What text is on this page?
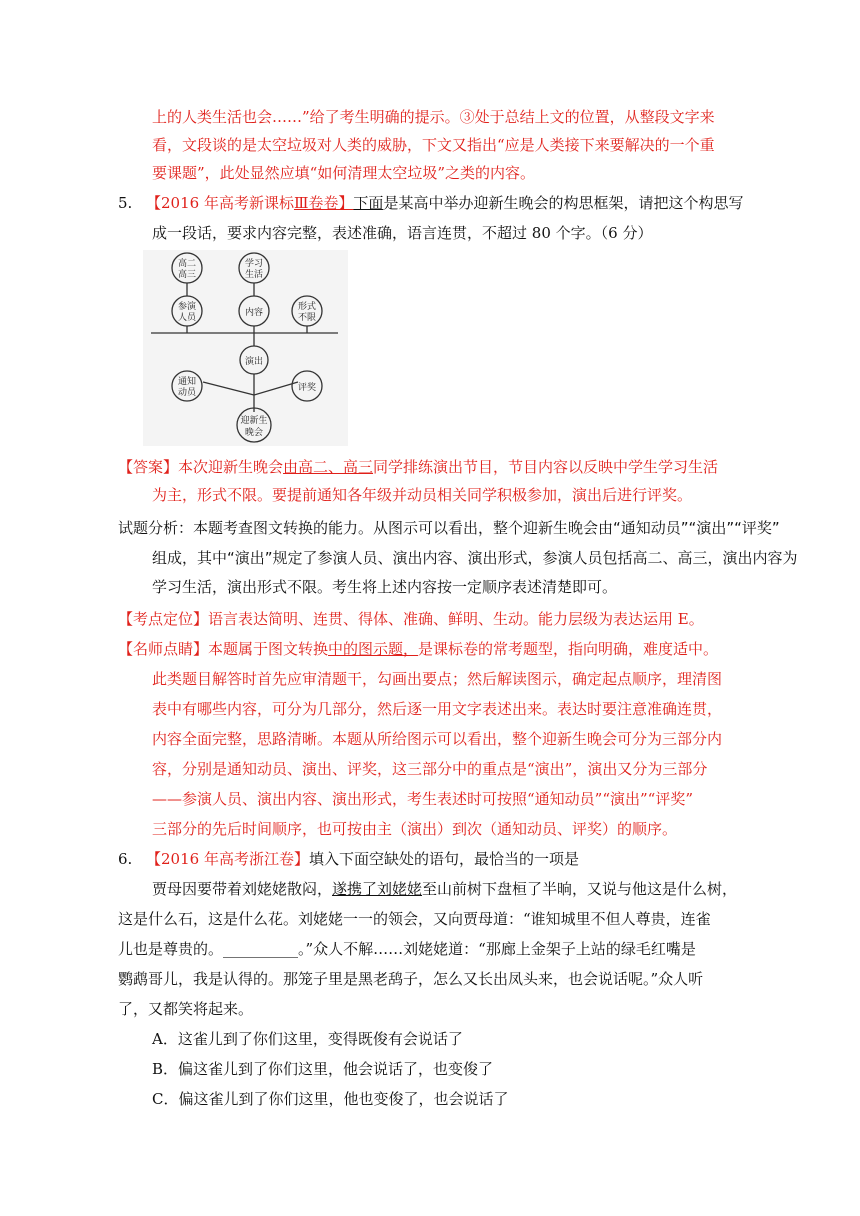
上的人类生活也会……”给了考生明确的提示。③处于总结上文的位置，从整段文字来
看，文段谈的是太空垃圾对人类的威胁，下文又指出“应是人类接下来要解决的一个重
要课题”，此处显然应填“如何清理太空垃圾”之类的内容。
5. 【2016 年高考新课标Ⅲ卷卷】下面是某高中举办迎新生晚会的构思框架，请把这个构思写
成一段话，要求内容完整，表述准确，语言连贯，不超过 80 个字。（6 分）
高二
高三
学习
生活
参演
人员	内容
形式
不限
演出
通知
动员	评奖
迎新生
晚会
【答案】本次迎新生晚会由高二、高三同学排练演出节目，节目内容以反映中学生学习生活
为主，形式不限。要提前通知各年级并动员相关同学积极参加，演出后进行评奖。
试题分析：本题考查图文转换的能力。从图示可以看出，整个迎新生晚会由“通知动员”“演出”“评奖”
组成，其中“演出”规定了参演人员、演出内容、演出形式，参演人员包括高二、高三，演出内容为
学习生活，演出形式不限。考生将上述内容按一定顺序表述清楚即可。
【考点定位】语言表达简明、连贯、得体、准确、鲜明、生动。能力层级为表达运用 E。
【名师点睛】本题属于图文转换中的图示题，是课标卷的常考题型，指向明确，难度适中。
此类题目解答时首先应审清题干，勾画出要点；然后解读图示，确定起点顺序，理清图
表中有哪些内容，可分为几部分，然后逐一用文字表述出来。表达时要注意准确连贯，
内容全面完整，思路清晰。本题从所给图示可以看出，整个迎新生晚会可分为三部分内
容，分别是通知动员、演出、评奖，这三部分中的重点是“演出”，演出又分为三部分
——参演人员、演出内容、演出形式，考生表述时可按照“通知动员”“演出”“评奖”
三部分的先后时间顺序，也可按由主（演出）到次（通知动员、评奖）的顺序。
6. 【2016 年高考浙江卷】填入下面空缺处的语句，最恰当的一项是
贾母因要带着刘姥姥散闷，遂携了刘姥姥至山前树下盘桓了半晌，又说与他这是什么树，
这是什么石，这是什么花。刘姥姥一一的领会，又向贾母道：“谁知城里不但人尊贵，连雀
儿也是尊贵的。__________。”众人不解……刘姥姥道：“那廊上金架子上站的绿毛红嘴是
鹦鹉哥儿，我是认得的。那笼子里是黑老鸹子，怎么又长出凤头来，也会说话呢。”众人听
了，又都笑将起来。
A．这雀儿到了你们这里，变得既俊有会说话了
B．偏这雀儿到了你们这里，他会说话了，也变俊了
C．偏这雀儿到了你们这里，他也变俊了，也会说话了
